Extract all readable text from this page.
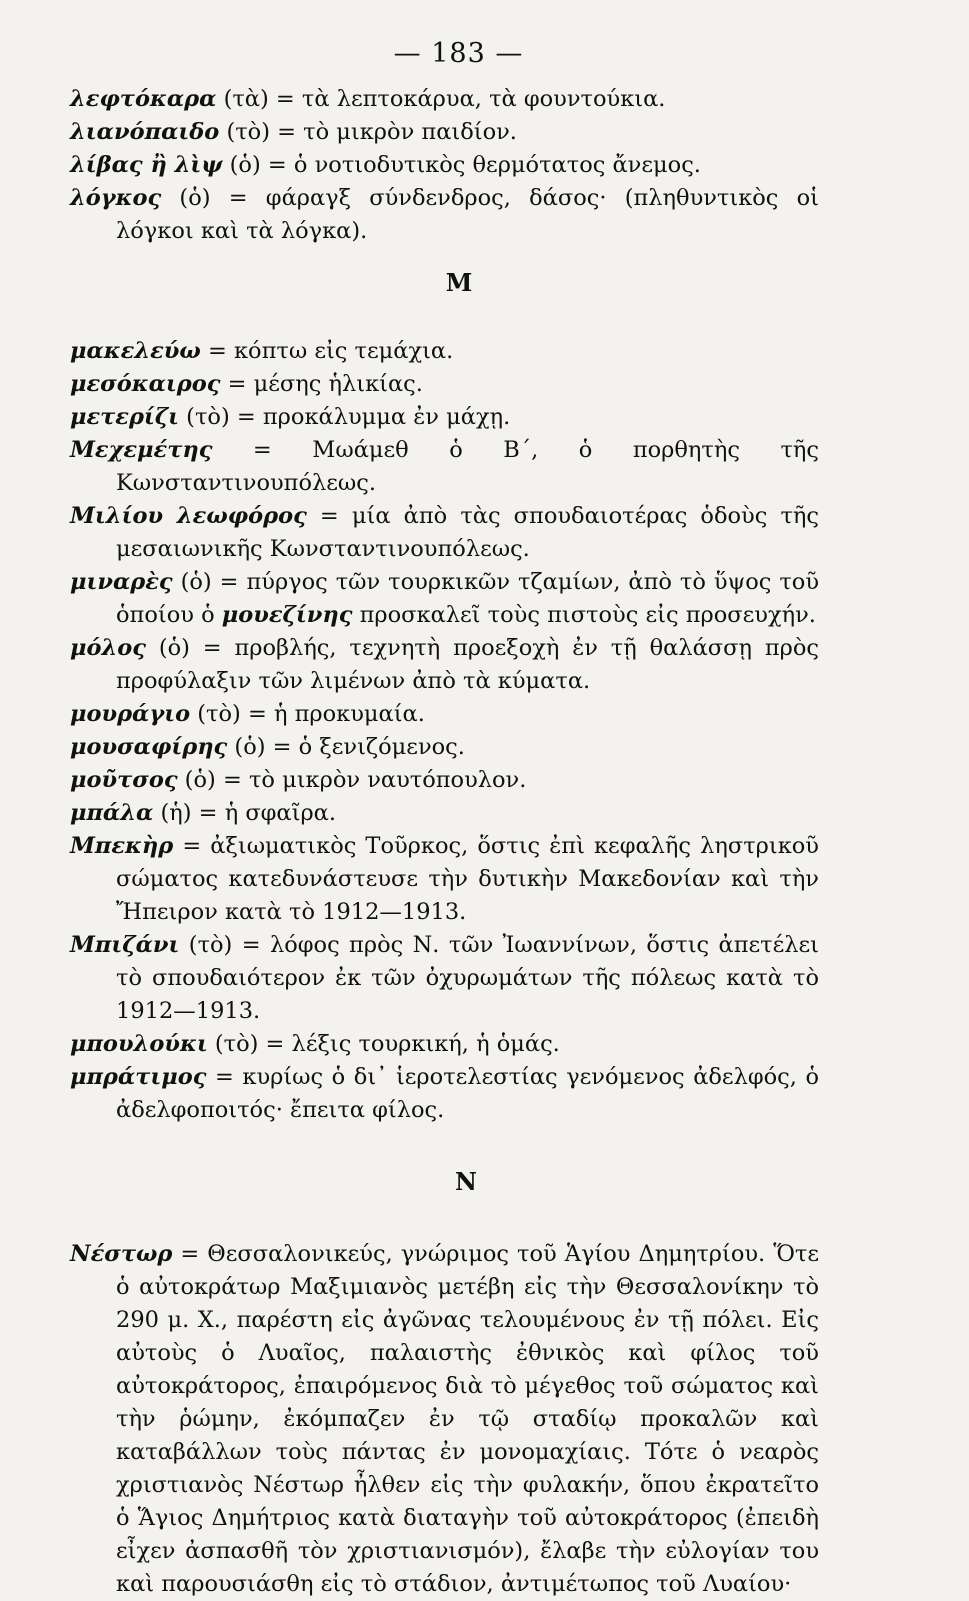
— 183 —
λεφτόκαρα (τὰ) = τὰ λεπτοκάρυα, τὰ φουντούκια.
λιανόπαιδο (τὸ) = τὸ μικρὸν παιδίον.
λίβας ἢ λὶψ (ὁ) = ὁ νοτιοδυτικὸς θερμότατος ἄνεμος.
λόγκος (ὁ) = φάραγξ σύνδενδρος, δάσος· (πληθυντικὸς οἱ λόγκοι καὶ τὰ λόγκα).
Μ
μακελεύω = κόπτω εἰς τεμάχια.
μεσόκαιρος = μέσης ἡλικίας.
μετερίζι (τὸ) = προκάλυμμα ἐν μάχῃ.
Μεχεμέτης = Μωάμεθ ὁ Β΄, ὁ πορθητὴς τῆς Κωνσταντινουπόλεως.
Μιλίου λεωφόρος = μία ἀπὸ τὰς σπουδαιοτέρας ὁδοὺς τῆς μεσαιωνικῆς Κωνσταντινουπόλεως.
μιναρὲς (ὁ) = πύργος τῶν τουρκικῶν τζαμίων, ἀπὸ τὸ ὕψος τοῦ ὁποίου ὁ μουεζίνης προσκαλεῖ τοὺς πιστοὺς εἰς προσευχήν.
μόλος (ὁ) = προβλής, τεχνητὴ προεξοχὴ ἐν τῇ θαλάσσῃ πρὸς προφύλαξιν τῶν λιμένων ἀπὸ τὰ κύματα.
μουράγιο (τὸ) = ἡ προκυμαία.
μουσαφίρης (ὁ) = ὁ ξενιζόμενος.
μοῦτσος (ὁ) = τὸ μικρὸν ναυτόπουλον.
μπάλα (ἡ) = ἡ σφαῖρα.
Μπεκὴρ = ἀξιωματικὸς Τοῦρκος, ὅστις ἐπὶ κεφαλῆς ληστρικοῦ σώματος κατεδυνάστευσε τὴν δυτικὴν Μακεδονίαν καὶ τὴν Ἤπειρον κατὰ τὸ 1912—1913.
Μπιζάνι (τὸ) = λόφος πρὸς Ν. τῶν Ἰωαννίνων, ὅστις ἀπετέλει τὸ σπουδαιότερον ἐκ τῶν ὀχυρωμάτων τῆς πόλεως κατὰ τὸ 1912—1913.
μπουλούκι (τὸ) = λέξις τουρκική, ἡ ὁμάς.
μπράτιμος = κυρίως ὁ δι᾽ ἱεροτελεστίας γενόμενος ἀδελφός, ὁ ἀδελφοποιτός· ἔπειτα φίλος.
Ν
Νέστωρ = Θεσσαλονικεύς, γνώριμος τοῦ Ἁγίου Δημητρίου. Ὅτε ὁ αὐτοκράτωρ Μαξιμιανὸς μετέβη εἰς τὴν Θεσσαλονίκην τὸ 290 μ. Χ., παρέστη εἰς ἀγῶνας τελουμένους ἐν τῇ πόλει. Εἰς αὐτοὺς ὁ Λυαῖος, παλαιστὴς ἐθνικὸς καὶ φίλος τοῦ αὐτοκράτορος, ἐπαιρόμενος διὰ τὸ μέγεθος τοῦ σώματος καὶ τὴν ῥώμην, ἐκόμπαζεν ἐν τῷ σταδίῳ προκαλῶν καὶ καταβάλλων τοὺς πάντας ἐν μονομαχίαις. Τότε ὁ νεαρὸς χριστιανὸς Νέστωρ ἦλθεν εἰς τὴν φυλακήν, ὅπου ἐκρατεῖτο ὁ Ἅγιος Δημήτριος κατὰ διαταγὴν τοῦ αὐτοκράτορος (ἐπειδὴ εἶχεν ἀσπασθῆ τὸν χριστιανισμόν), ἔλαβε τὴν εὐλογίαν του καὶ παρουσιάσθη εἰς τὸ στάδιον, ἀντιμέτωπος τοῦ Λυαίου·
